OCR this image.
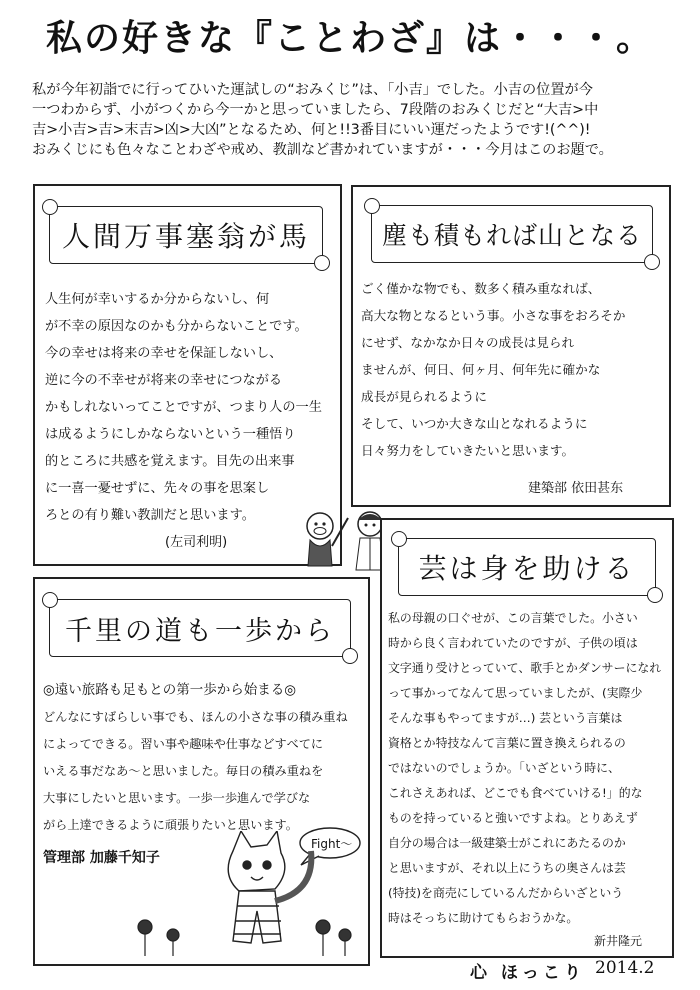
私の好きな『ことわざ』は・・・。
私が今年初詣でに行ってひいた運試しの“おみくじ”は、「小吉」でした。小吉の位置が今
一つわからず、小がつくから今一かと思っていましたら、7段階のおみくじだと“大吉>中
吉>小吉>吉>末吉>凶>大凶”となるため、何と!!3番目にいい運だったようです!(^^)!
おみくじにも色々なことわざや戒め、教訓など書かれていますが・・・今月はこのお題で。
人間万事塞翁が馬
人生何が幸いするか分からないし、何
が不幸の原因なのかも分からないことです。
今の幸せは将来の幸せを保証しないし、
逆に今の不幸せが将来の幸せにつながる
かもしれないってことですが、つまり人の一生
は成るようにしかならないという一種悟り
的ところに共感を覚えます。目先の出来事
に一喜一憂せずに、先々の事を思案し
ろとの有り難い教訓だと思います。
(左司利明)
塵も積もれば山となる
ごく僅かな物でも、数多く積み重なれば、
高大な物となるという事。小さな事をおろそか
にせず、なかなか日々の成長は見られ
ませんが、何日、何ヶ月、何年先に確かな
成長が見られるように
そして、いつか大きな山となれるように
日々努力をしていきたいと思います。
建築部 依田甚东
千里の道も一歩から
◎遠い旅路も足もとの第一歩から始まる◎
どんなにすばらしい事でも、ほんの小さな事の積み重ね
によってできる。習い事や趣味や仕事などすべてに
いえる事だなあ～と思いました。毎日の積み重ねを
大事にしたいと思います。一歩一歩進んで学びな
がら上達できるように頑張りたいと思います。
管理部 加藤千知子
Fight～
芸は身を助ける
私の母親の口ぐせが、この言葉でした。小さい
時から良く言われていたのですが、子供の頃は
文字通り受けとっていて、歌手とかダンサーになれ
って事かってなんて思っていましたが、(実際少
そんな事もやってますが…) 芸という言葉は
資格とか特技なんて言葉に置き換えられるの
ではないのでしょうか。「いざという時に、
これさえあれば、どこでも食べていける!」的な
ものを持っていると強いですよね。とりあえず
自分の場合は一級建築士がこれにあたるのか
と思いますが、それ以上にうちの奥さんは芸
(特技)を商売にしているんだからいざという
時はそっちに助けてもらおうかな。
新井隆元
心 ほっこり 2014.2
